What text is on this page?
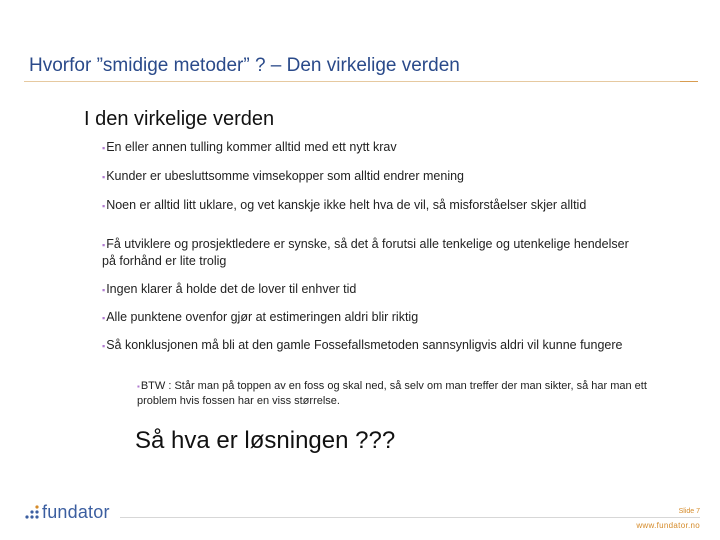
Hvorfor ”smidige metoder” ? – Den virkelige verden
I den virkelige verden
▪En eller annen tulling kommer alltid med ett nytt krav
▪Kunder er ubesluttsomme vimsekopper som alltid endrer mening
▪Noen er alltid litt uklare, og vet kanskje ikke helt hva de vil, så misforståelser skjer alltid
▪Få utviklere og prosjektledere er synske, så det å forutsi alle tenkelige og utenkelige hendelser på forhånd er lite trolig
▪Ingen klarer å holde det de lover til enhver tid
▪Alle punktene ovenfor gjør at estimeringen aldri blir riktig
▪Så konklusjonen må bli at den gamle Fossefallsmetoden sannsynligvis aldri vil kunne fungere
▪BTW : Står man på toppen av en foss og skal ned, så selv om man treffer der man sikter, så har man ett problem hvis fossen har en viss størrelse.
Så hva er løsningen ???
fundator	Slide 7
www.fundator.no
